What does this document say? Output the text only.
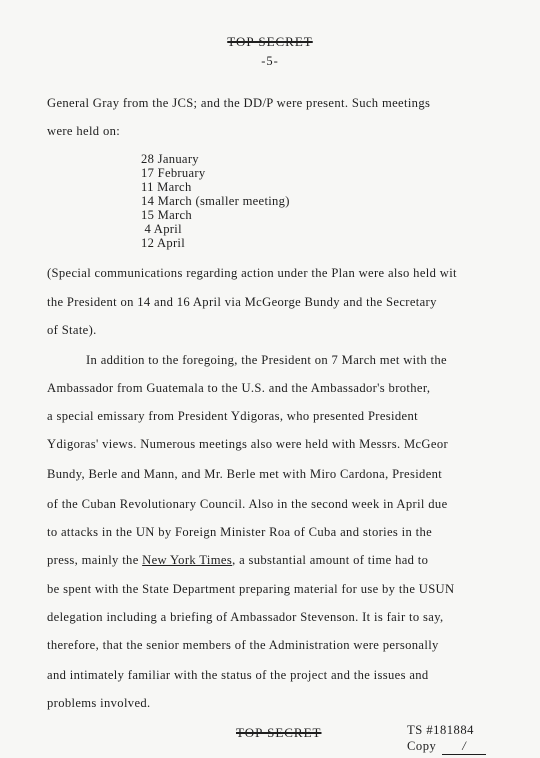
TOP SECRET
-5-
General Gray from the JCS; and the DD/P were present. Such meetings
were held on:
28 January
17 February
11 March
14 March (smaller meeting)
15 March
4 April
12 April
(Special communications regarding action under the Plan were also held wit
the President on 14 and 16 April via McGeorge Bundy and the Secretary
of State).
In addition to the foregoing, the President on 7 March met with the
Ambassador from Guatemala to the U.S. and the Ambassador's brother,
a special emissary from President Ydigoras, who presented President
Ydigoras' views. Numerous meetings also were held with Messrs. McGeor
Bundy, Berle and Mann, and Mr. Berle met with Miro Cardona, President
of the Cuban Revolutionary Council. Also in the second week in April due
to attacks in the UN by Foreign Minister Roa of Cuba and stories in the
press, mainly the New York Times, a substantial amount of time had to
be spent with the State Department preparing material for use by the USUN
delegation including a briefing of Ambassador Stevenson. It is fair to say,
therefore, that the senior members of the Administration were personally
and intimately familiar with the status of the project and the issues and
problems involved.
TOP SECRET	TS #181884
Copy /
